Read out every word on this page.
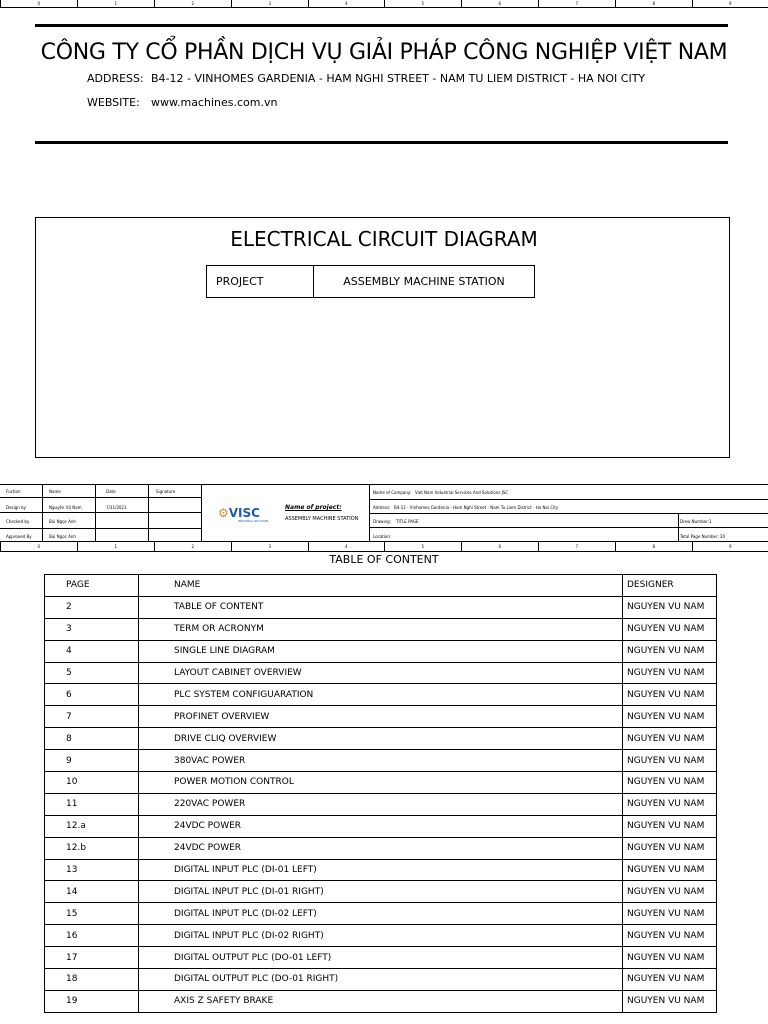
0	1	2	3	4	5	6	7	8	9
CÔNG TY CỔ PHẦN DỊCH VỤ GIẢI PHÁP CÔNG NGHIỆP VIỆT NAM
ADDRESS: B4-12 - VINHOMES GARDENIA - HAM NGHI STREET - NAM TU LIEM DISTRICT - HA NOI CITY
WEBSITE: www.machines.com.vn
ELECTRICAL CIRCUIT DIAGRAM
PROJECT	ASSEMBLY MACHINE STATION
Fuction	Name	Date	Signature
Design by	Nguyễn Vũ Nam	7/31/2023
Checked by	Bùi Ngọc Anh
Approved By	Bùi Ngọc Anh
⚙VISC
INDUSTRIAL SOLUTIONS
Name of project:
ASSEMBLY MACHINE STATION
Name of Company: Viet Nam Industrial Services And Solutions JSC
Address: B4-12 - Vinhomes Gardenia - Ham Nghi Street - Nam Tu Liem District - Ha Noi City
Drawing: TITLE PAGE	Drew Number: 1
Location:	Total Page Number: 20
0	1	2	3	4	5	6	7	8	9
TABLE OF CONTENT
PAGE	NAME	DESIGNER
2	TABLE OF CONTENT	NGUYEN VU NAM
3	TERM OR ACRONYM	NGUYEN VU NAM
4	SINGLE LINE DIAGRAM	NGUYEN VU NAM
5	LAYOUT CABINET OVERVIEW	NGUYEN VU NAM
6	PLC SYSTEM CONFIGUARATION	NGUYEN VU NAM
7	PROFINET OVERVIEW	NGUYEN VU NAM
8	DRIVE CLIQ OVERVIEW	NGUYEN VU NAM
9	380VAC POWER	NGUYEN VU NAM
10	POWER MOTION CONTROL	NGUYEN VU NAM
11	220VAC POWER	NGUYEN VU NAM
12.a	24VDC POWER	NGUYEN VU NAM
12.b	24VDC POWER	NGUYEN VU NAM
13	DIGITAL INPUT PLC (DI-01 LEFT)	NGUYEN VU NAM
14	DIGITAL INPUT PLC (DI-01 RIGHT)	NGUYEN VU NAM
15	DIGITAL INPUT PLC (DI-02 LEFT)	NGUYEN VU NAM
16	DIGITAL INPUT PLC (DI-02 RIGHT)	NGUYEN VU NAM
17	DIGITAL OUTPUT PLC (DO-01 LEFT)	NGUYEN VU NAM
18	DIGITAL OUTPUT PLC (DO-01 RIGHT)	NGUYEN VU NAM
19	AXIS Z SAFETY BRAKE	NGUYEN VU NAM
